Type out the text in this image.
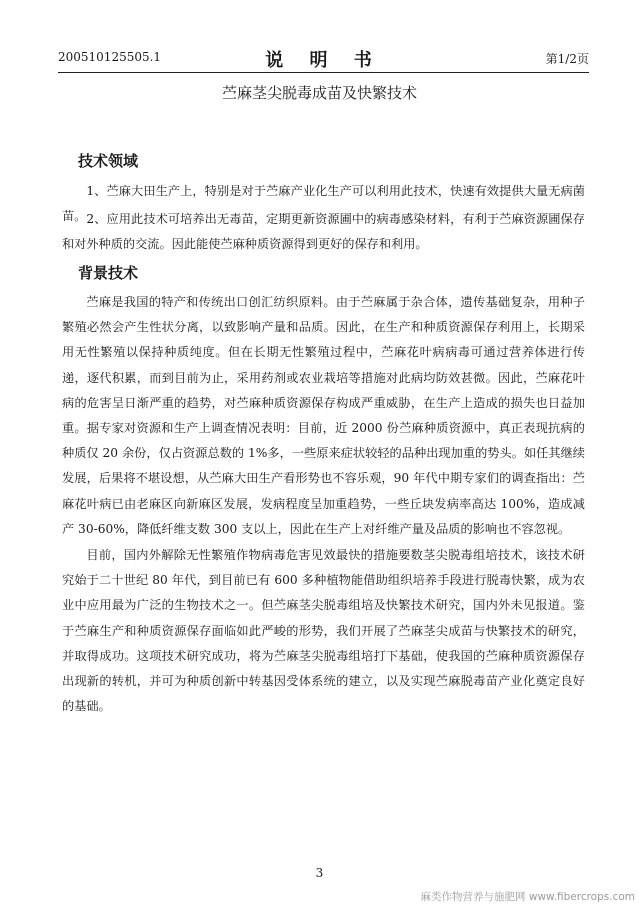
200510125505.1	说 明 书	第1/2页
苎麻茎尖脱毒成苗及快繁技术
技术领域
1、苎麻大田生产上，特别是对于苎麻产业化生产可以利用此技术，快速有效提供大量无病菌苗。 2、应用此技术可培养出无毒苗，定期更新资源圃中的病毒感染材料，有利于苎麻资源圃保存和对外种质的交流。因此能使苎麻种质资源得到更好的保存和利用。
背景技术
苎麻是我国的特产和传统出口创汇纺织原料。由于苎麻属于杂合体，遗传基础复杂，用种子繁殖必然会产生性状分离，以致影响产量和品质。因此，在生产和种质资源保存利用上，长期采用无性繁殖以保持种质纯度。但在长期无性繁殖过程中，苎麻花叶病病毒可通过营养体进行传递，逐代积累，而到目前为止，采用药剂或农业栽培等措施对此病均防效甚微。因此，苎麻花叶病的危害呈日渐严重的趋势，对苎麻种质资源保存构成严重威胁，在生产上造成的损失也日益加重。据专家对资源和生产上调查情况表明：目前，近 2000 份苎麻种质资源中，真正表现抗病的种质仅 20 余份，仅占资源总数的 1%多，一些原来症状较轻的品种出现加重的势头。如任其继续发展，后果将不堪设想，从苎麻大田生产看形势也不容乐观，90 年代中期专家们的调查指出：苎麻花叶病已由老麻区向新麻区发展，发病程度呈加重趋势，一些丘块发病率高达 100%，造成减产 30-60%，降低纤维支数 300 支以上，因此在生产上对纤维产量及品质的影响也不容忽视。
目前，国内外解除无性繁殖作物病毒危害见效最快的措施要数茎尖脱毒组培技术，该技术研究始于二十世纪 80 年代，到目前已有 600 多种植物能借助组织培养手段进行脱毒快繁，成为农业中应用最为广泛的生物技术之一。但苎麻茎尖脱毒组培及快繁技术研究，国内外未见报道。鉴于苎麻生产和种质资源保存面临如此严峻的形势，我们开展了苎麻茎尖成苗与快繁技术的研究，并取得成功。这项技术研究成功，将为苎麻茎尖脱毒组培打下基础，使我国的苎麻种质资源保存出现新的转机，并可为种质创新中转基因受体系统的建立，以及实现苎麻脱毒苗产业化奠定良好的基础。
3
麻类作物营养与施肥网 www.fibercrops.com
